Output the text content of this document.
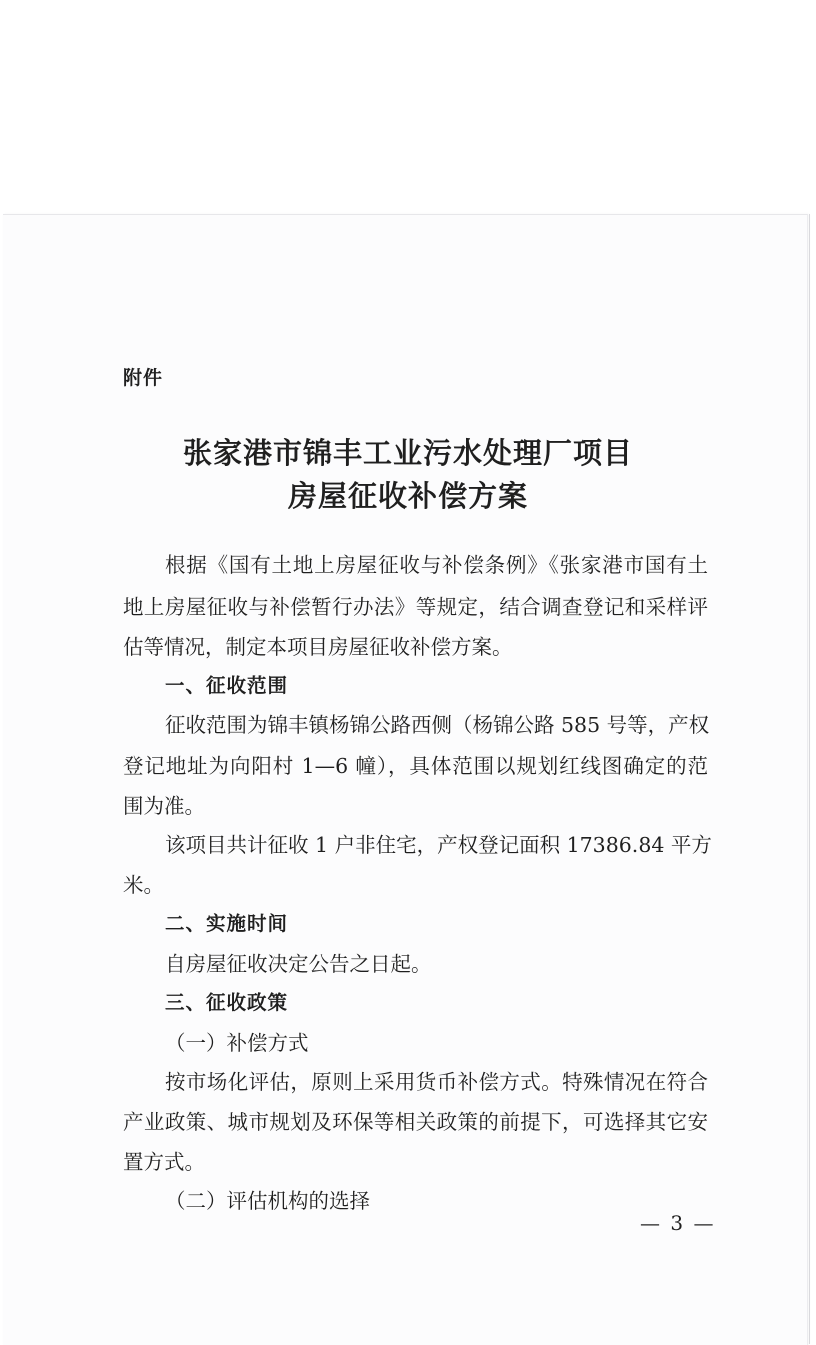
附件
张家港市锦丰工业污水处理厂项目
房屋征收补偿方案
根据《国有土地上房屋征收与补偿条例》《张家港市国有土
地上房屋征收与补偿暂行办法》等规定，结合调查登记和采样评
估等情况，制定本项目房屋征收补偿方案。
一、征收范围
征收范围为锦丰镇杨锦公路西侧（杨锦公路 585 号等，产权
登记地址为向阳村 1—6 幢），具体范围以规划红线图确定的范
围为准。
该项目共计征收 1 户非住宅，产权登记面积 17386.84 平方
米。
二、实施时间
自房屋征收决定公告之日起。
三、征收政策
（一）补偿方式
按市场化评估，原则上采用货币补偿方式。特殊情况在符合
产业政策、城市规划及环保等相关政策的前提下，可选择其它安
置方式。
（二）评估机构的选择
— 3 —
